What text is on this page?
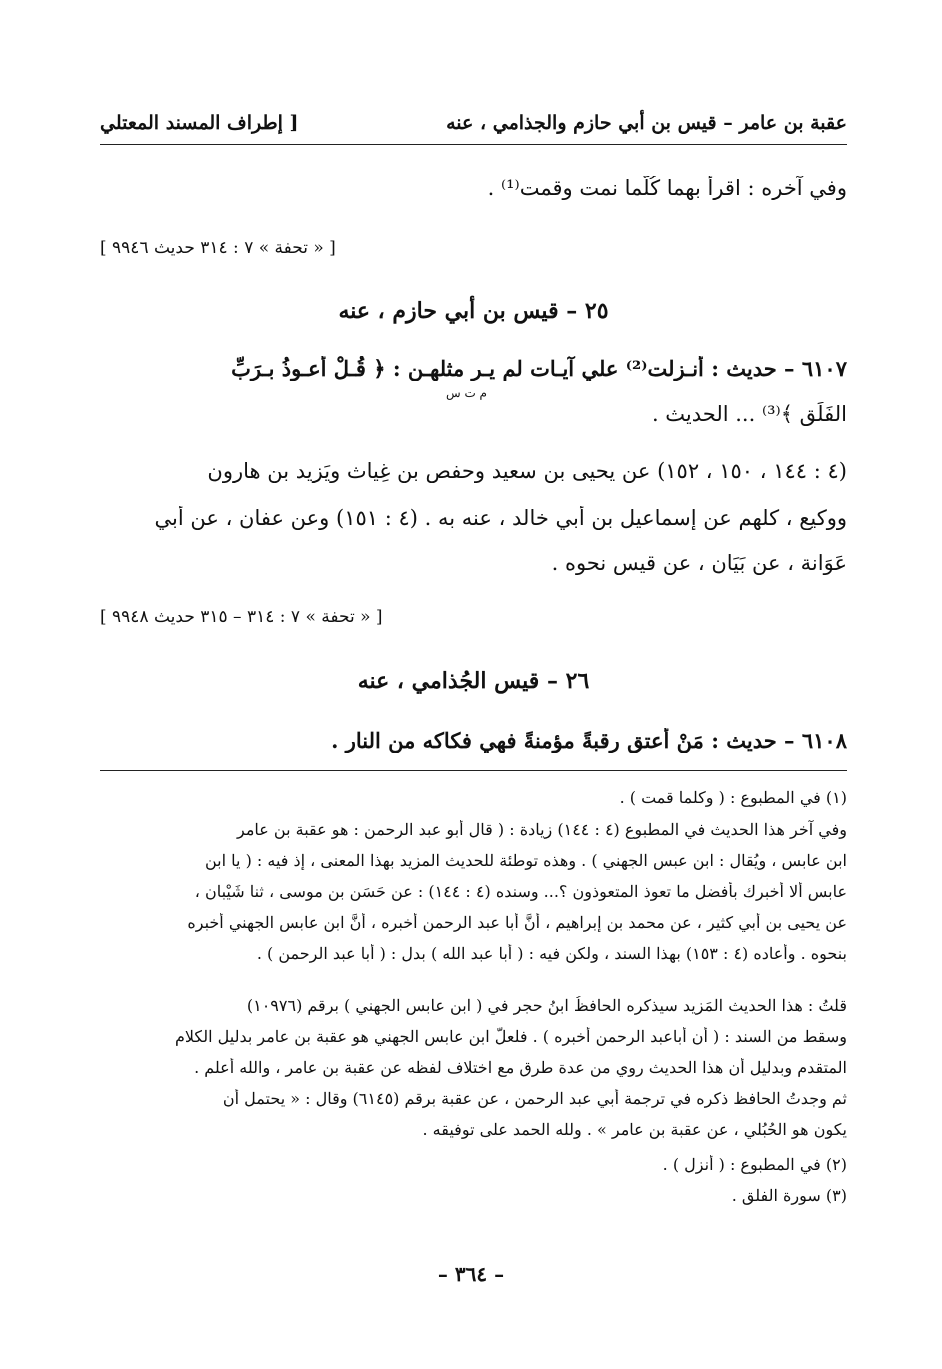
عقبة بن عامر – قيس بن أبي حازم والجذامي ، عنه
[ إطراف المسند المعتلي
وفي آخره : اقرأْ بهما كُلّما نمت وقمت⁽¹⁾ .
[ « تحفة » ٧ : ٣١٤ حديث ٩٩٤٦ ]
٢٥ – قيس بن أبي حازم ، عنه
٦١٠٧ – حديث : أنـزلت⁽²⁾ علي آيـات لم يـر مثلهـن : ﴿ قُـلْ أعـوذُ بـرَبِّ
م ت س
الفَلَقِ ﴾⁽³⁾ ... الحديث .
(٤ : ١٤٤ ، ١٥٠ ، ١٥٢) عن يحيى بن سعيد وحفص بن غِياث ويَزِيد بن هارون
ووكيع ، كلهم عن إسماعيل بن أبي خالد ، عنه به . (٤ : ١٥١) وعن عفان ، عن أبي
عَوَانة ، عن بَيَان ، عن قيس نحوه .
[ « تحفة » ٧ : ٣١٤ – ٣١٥ حديث ٩٩٤٨ ]
٢٦ – قيس الجُذامي ، عنه
٦١٠٨ – حديث : مَنْ أعتق رقبةً مؤمنةً فهي فكاكه من النار .
(١) في المطبوع : ( وكلما قمت ) .
وفي آخر هذا الحديث في المطبوع (٤ : ١٤٤) زيادة : ( قال أبو عبد الرحمن : هو عقبة بن عامر
ابن عابس ، ويُقال : ابن عبس الجهني ) . وهذه توطئة للحديث المزيد بهذا المعنى ، إذ فيه : ( يا ابن
عابس ألا أُخبرك بأفضل ما تعوذ المتعوذون ؟... وسنده (٤ : ١٤٤) : عن حَسَن بن موسى ، ثنا شَيْبان ،
عن يحيى بن أبي كثير ، عن محمد بن إبراهيم ، أنَّ أبا عبد الرحمن أخبره ، أنَّ ابن عابس الجهني أخبره
بنحوه . وأعاده (٤ : ١٥٣) بهذا السند ، ولكن فيه : ( أبا عبد الله ) بدل : ( أبا عبد الرحمن ) .
قلتُ : هذا الحديث المَزِيد سيذكره الحافظُ ابنُ حجر في ( ابن عابس الجهني ) برقم (١٠٩٧٦)
وسقط من السند : ( أن أباعبد الرحمن أخبره ) . فلعلّ ابن عابس الجهني هو عقبة بن عامر بدليل الكلام
المتقدم وبدليل أن هذا الحديث روي من عدة طرق مع اختلاف لفظه عن عقبة بن عامر ، والله أعلم .
ثم وجدتُ الحافظ ذكره في ترجمة أبي عبد الرحمن ، عن عقبة برقم (٦١٤٥) وقال : « يحتمل أن
يكون هو الحُبُلي ، عن عقبة بن عامر » . ولله الحمد على توفيقه .
(٢) في المطبوع : ( أُنزل ) .
(٣) سورة الفلق .
– ٣٦٤ –
